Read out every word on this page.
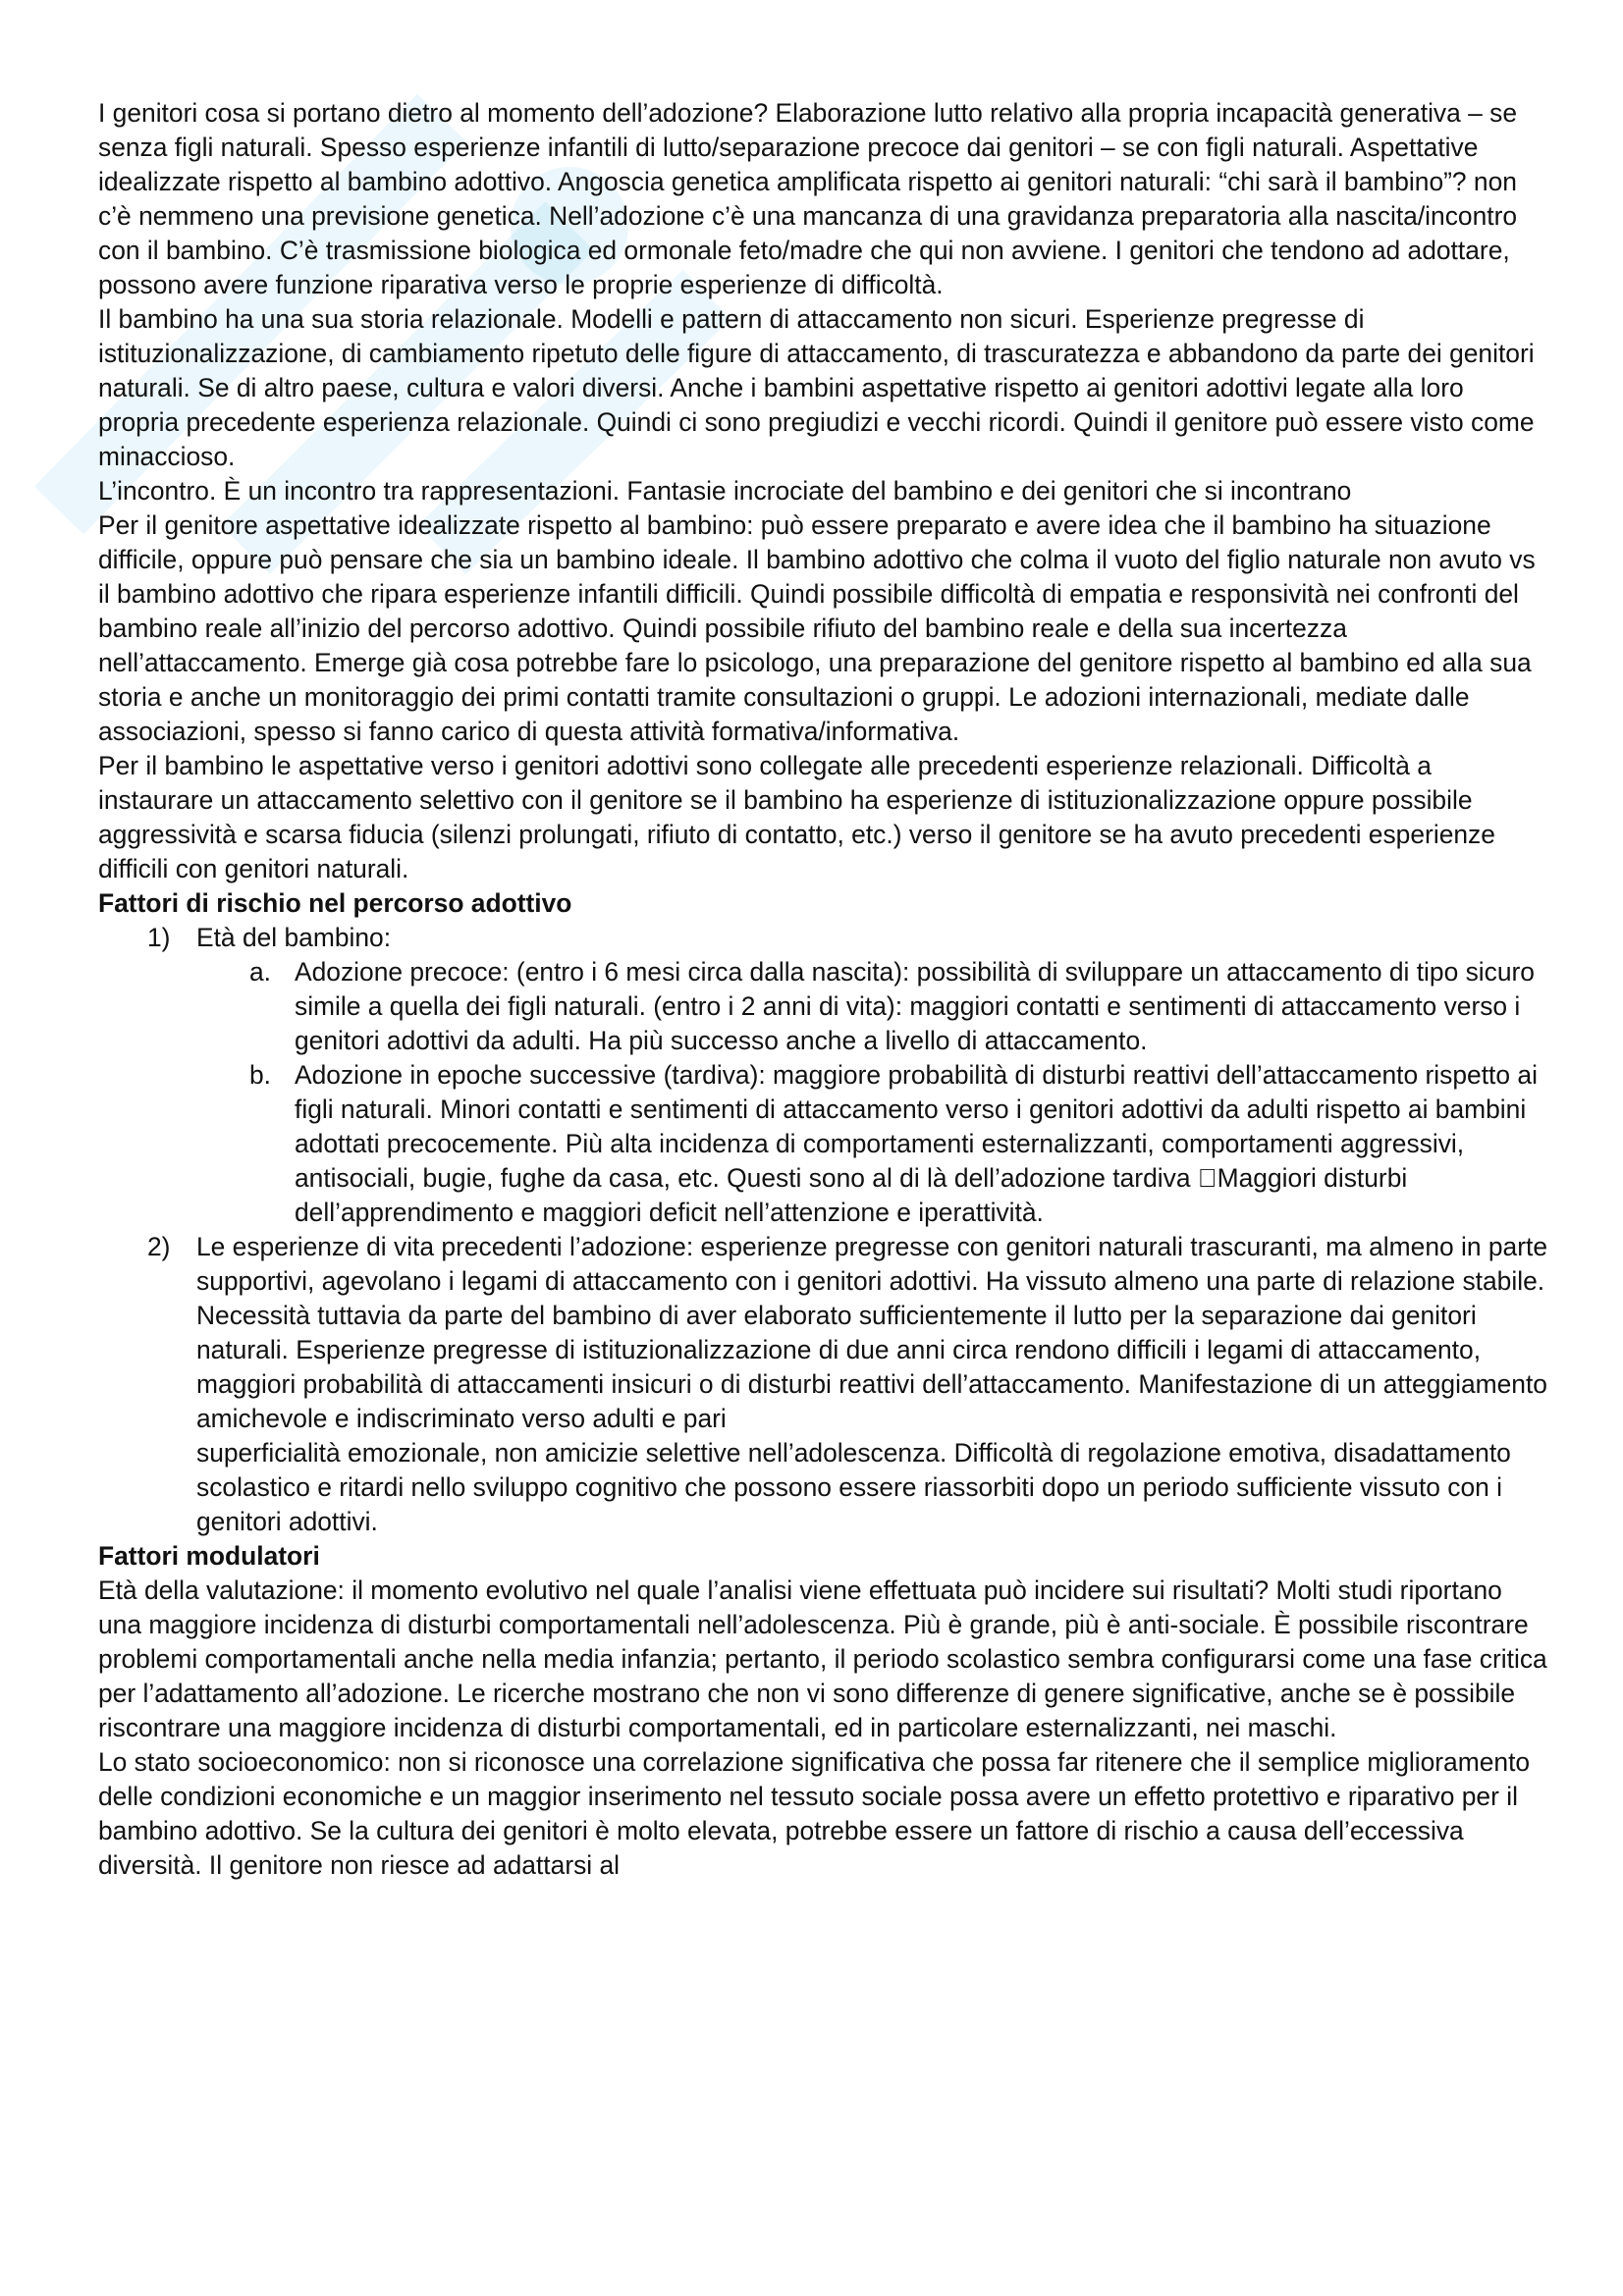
I genitori cosa si portano dietro al momento dell’adozione? Elaborazione lutto relativo alla propria incapacità generativa – se senza figli naturali. Spesso esperienze infantili di lutto/separazione precoce dai genitori – se con figli naturali. Aspettative idealizzate rispetto al bambino adottivo. Angoscia genetica amplificata rispetto ai genitori naturali: “chi sarà il bambino”? non c’è nemmeno una previsione genetica. Nell’adozione c’è una mancanza di una gravidanza preparatoria alla nascita/incontro con il bambino. C’è trasmissione biologica ed ormonale feto/madre che qui non avviene. I genitori che tendono ad adottare, possono avere funzione riparativa verso le proprie esperienze di difficoltà.

Il bambino ha una sua storia relazionale. Modelli e pattern di attaccamento non sicuri. Esperienze pregresse di istituzionalizzazione, di cambiamento ripetuto delle figure di attaccamento, di trascuratezza e abbandono da parte dei genitori naturali. Se di altro paese, cultura e valori diversi. Anche i bambini aspettative rispetto ai genitori adottivi legate alla loro propria precedente esperienza relazionale. Quindi ci sono pregiudizi e vecchi ricordi. Quindi il genitore può essere visto come minaccioso.

L’incontro. È un incontro tra rappresentazioni. Fantasie incrociate del bambino e dei genitori che si incontrano

Per il genitore aspettative idealizzate rispetto al bambino: può essere preparato e avere idea che il bambino ha situazione difficile, oppure può pensare che sia un bambino ideale. Il bambino adottivo che colma il vuoto del figlio naturale non avuto vs il bambino adottivo che ripara esperienze infantili difficili. Quindi possibile difficoltà di empatia e responsività nei confronti del bambino reale all’inizio del percorso adottivo. Quindi possibile rifiuto del bambino reale e della sua incertezza nell’attaccamento. Emerge già cosa potrebbe fare lo psicologo, una preparazione del genitore rispetto al bambino ed alla sua storia e anche un monitoraggio dei primi contatti tramite consultazioni o gruppi. Le adozioni internazionali, mediate dalle associazioni, spesso si fanno carico di questa attività formativa/informativa.

Per il bambino le aspettative verso i genitori adottivi sono collegate alle precedenti esperienze relazionali. Difficoltà a instaurare un attaccamento selettivo con il genitore se il bambino ha esperienze di istituzionalizzazione oppure possibile aggressività e scarsa fiducia (silenzi prolungati, rifiuto di contatto, etc.) verso il genitore se ha avuto precedenti esperienze difficili con genitori naturali.

Fattori di rischio nel percorso adottivo
1) Età del bambino:
a. Adozione precoce: (entro i 6 mesi circa dalla nascita): possibilità di sviluppare un attaccamento di tipo sicuro simile a quella dei figli naturali. (entro i 2 anni di vita): maggiori contatti e sentimenti di attaccamento verso i genitori adottivi da adulti. Ha più successo anche a livello di attaccamento.
b. Adozione in epoche successive (tardiva): maggiore probabilità di disturbi reattivi dell’attaccamento rispetto ai figli naturali. Minori contatti e sentimenti di attaccamento verso i genitori adottivi da adulti rispetto ai bambini adottati precocemente. Più alta incidenza di comportamenti esternalizzanti, comportamenti aggressivi, antisociali, bugie, fughe da casa, etc. Questi sono al di là dell’adozione tardiva Maggiori disturbi dell’apprendimento e maggiori deficit nell’attenzione e iperattività.
2) Le esperienze di vita precedenti l’adozione: esperienze pregresse con genitori naturali trascuranti, ma almeno in parte supportivi, agevolano i legami di attaccamento con i genitori adottivi. Ha vissuto almeno una parte di relazione stabile. Necessità tuttavia da parte del bambino di aver elaborato sufficientemente il lutto per la separazione dai genitori naturali. Esperienze pregresse di istituzionalizzazione di due anni circa rendono difficili i legami di attaccamento, maggiori probabilità di attaccamenti insicuri o di disturbi reattivi dell’attaccamento. Manifestazione di un atteggiamento amichevole e indiscriminato verso adulti e pari
superficialità emozionale, non amicizie selettive nell’adolescenza. Difficoltà di regolazione emotiva, disadattamento scolastico e ritardi nello sviluppo cognitivo che possono essere riassorbiti dopo un periodo sufficiente vissuto con i genitori adottivi.
Fattori modulatori

Età della valutazione: il momento evolutivo nel quale l’analisi viene effettuata può incidere sui risultati? Molti studi riportano una maggiore incidenza di disturbi comportamentali nell’adolescenza. Più è grande, più è anti-sociale. È possibile riscontrare problemi comportamentali anche nella media infanzia; pertanto, il periodo scolastico sembra configurarsi come una fase critica per l’adattamento all’adozione. Le ricerche mostrano che non vi sono differenze di genere significative, anche se è possibile riscontrare una maggiore incidenza di disturbi comportamentali, ed in particolare esternalizzanti, nei maschi.

Lo stato socioeconomico: non si riconosce una correlazione significativa che possa far ritenere che il semplice miglioramento delle condizioni economiche e un maggior inserimento nel tessuto sociale possa avere un effetto protettivo e riparativo per il bambino adottivo. Se la cultura dei genitori è molto elevata, potrebbe essere un fattore di rischio a causa dell’eccessiva diversità. Il genitore non riesce ad adattarsi al
